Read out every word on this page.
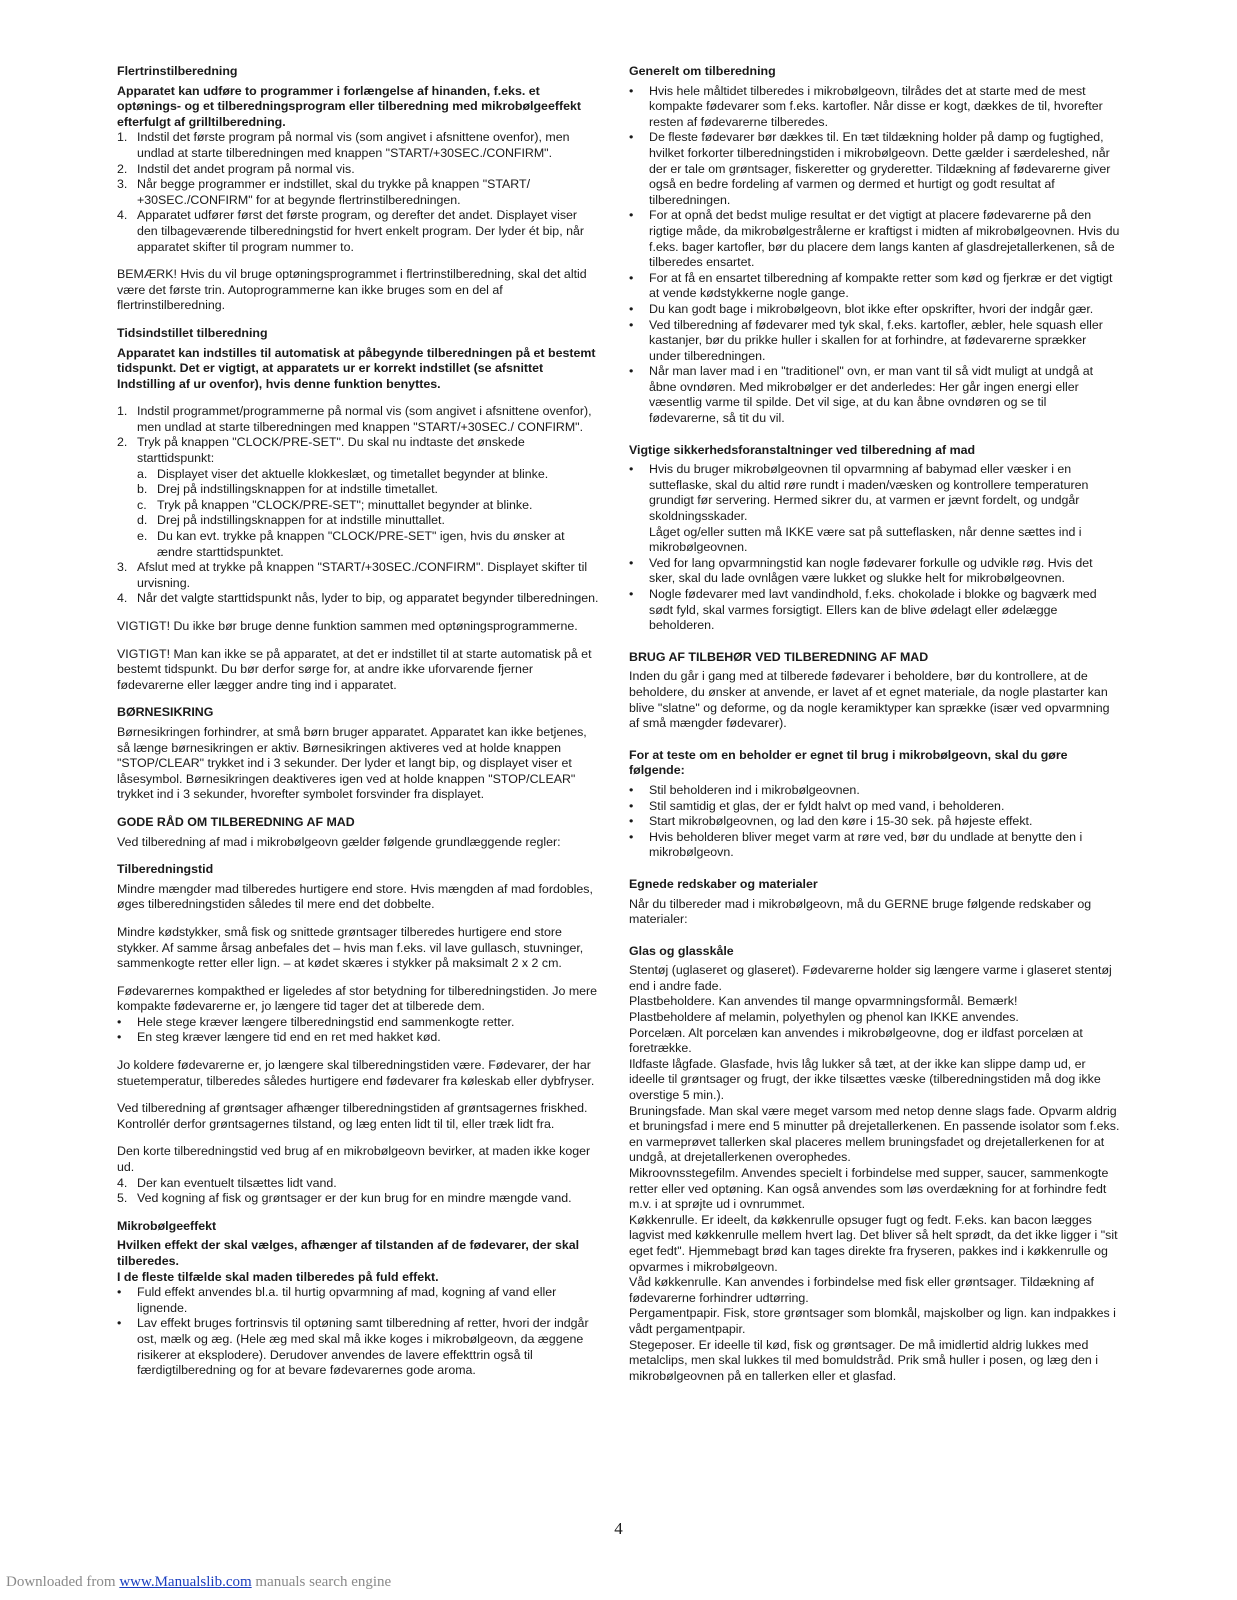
Flertrinstilberedning

Apparatet kan udføre to programmer i forlængelse af hinanden, f.eks. et optønings- og et tilberedningsprogram eller tilberedning med mikrobølgeeffekt efterfulgt af grilltilberedning.

1. Indstil det første program på normal vis (som angivet i afsnittene ovenfor), men undlad at starte tilberedningen med knappen "START/+30SEC./CONFIRM".
2. Indstil det andet program på normal vis.
3. Når begge programmer er indstillet, skal du trykke på knappen "START/ +30SEC./CONFIRM" for at begynde flertrinstilberedningen.
4. Apparatet udfører først det første program, og derefter det andet. Displayet viser den tilbageværende tilberedningstid for hvert enkelt program. Der lyder ét bip, når apparatet skifter til program nummer to.

BEMÆRK! Hvis du vil bruge optøningsprogrammet i flertrinstilberedning, skal det altid være det første trin. Autoprogrammerne kan ikke bruges som en del af flertrinstilberedning.

Tidsindstillet tilberedning

Apparatet kan indstilles til automatisk at påbegynde tilberedningen på et bestemt tidspunkt. Det er vigtigt, at apparatets ur er korrekt indstillet (se afsnittet Indstilling af ur ovenfor), hvis denne funktion benyttes.

1. Indstil programmet/programmerne på normal vis (som angivet i afsnittene ovenfor), men undlad at starte tilberedningen med knappen "START/+30SEC./ CONFIRM".
2. Tryk på knappen "CLOCK/PRE-SET". Du skal nu indtaste det ønskede starttidspunkt:
a. Displayet viser det aktuelle klokkeslæt, og timetallet begynder at blinke.
b. Drej på indstillingsknappen for at indstille timetallet.
c. Tryk på knappen "CLOCK/PRE-SET"; minuttallet begynder at blinke.
d. Drej på indstillingsknappen for at indstille minuttallet.
e. Du kan evt. trykke på knappen "CLOCK/PRE-SET" igen, hvis du ønsker at ændre starttidspunktet.
3. Afslut med at trykke på knappen "START/+30SEC./CONFIRM". Displayet skifter til urvisning.
4. Når det valgte starttidspunkt nås, lyder to bip, og apparatet begynder tilberedningen.

VIGTIGT! Du ikke bør bruge denne funktion sammen med optøningsprogrammerne.

VIGTIGT! Man kan ikke se på apparatet, at det er indstillet til at starte automatisk på et bestemt tidspunkt. Du bør derfor sørge for, at andre ikke uforvarende fjerner fødevarerne eller lægger andre ting ind i apparatet.

BØRNESIKRING

Børnesikringen forhindrer, at små børn bruger apparatet. Apparatet kan ikke betjenes, så længe børnesikringen er aktiv. Børnesikringen aktiveres ved at holde knappen "STOP/CLEAR" trykket ind i 3 sekunder. Der lyder et langt bip, og displayet viser et låsesymbol. Børnesikringen deaktiveres igen ved at holde knappen "STOP/CLEAR" trykket ind i 3 sekunder, hvorefter symbolet forsvinder fra displayet.

GODE RÅD OM TILBEREDNING AF MAD

Ved tilberedning af mad i mikrobølgeovn gælder følgende grundlæggende regler:

Tilberedningstid

Mindre mængder mad tilberedes hurtigere end store. Hvis mængden af mad fordobles, øges tilberedningstiden således til mere end det dobbelte.

Mindre kødstykker, små fisk og snittede grøntsager tilberedes hurtigere end store stykker. Af samme årsag anbefales det – hvis man f.eks. vil lave gullasch, stuvninger, sammenkogte retter eller lign. – at kødet skæres i stykker på maksimalt 2 x 2 cm.

Fødevarernes kompakthed er ligeledes af stor betydning for tilberedningstiden. Jo mere kompakte fødevarerne er, jo længere tid tager det at tilberede dem.

• Hele stege kræver længere tilberedningstid end sammenkogte retter.
• En steg kræver længere tid end en ret med hakket kød.

Jo koldere fødevarerne er, jo længere skal tilberedningstiden være. Fødevarer, der har stuetemperatur, tilberedes således hurtigere end fødevarer fra køleskab eller dybfryser.

Ved tilberedning af grøntsager afhænger tilberedningstiden af grøntsagernes friskhed. Kontrollér derfor grøntsagernes tilstand, og læg enten lidt til til, eller træk lidt fra.

Den korte tilberedningstid ved brug af en mikrobølgeovn bevirker, at maden ikke koger ud.

4. Der kan eventuelt tilsættes lidt vand.
5. Ved kogning af fisk og grøntsager er der kun brug for en mindre mængde vand.
Mikrobølgeeffekt
Hvilken effekt der skal vælges, afhænger af tilstanden af de fødevarer, der skal tilberedes.
I de fleste tilfælde skal maden tilberedes på fuld effekt.
• Fuld effekt anvendes bl.a. til hurtig opvarmning af mad, kogning af vand eller lignende.
• Lav effekt bruges fortrinsvis til optøning samt tilberedning af retter, hvori der indgår ost, mælk og æg. (Hele æg med skal må ikke koges i mikrobølgeovn, da æggene risikerer at eksplodere). Derudover anvendes de lavere effekttrin også til færdigtilberedning og for at bevare fødevarernes gode aroma.
Generelt om tilberedning
• Hvis hele måltidet tilberedes i mikrobølgeovn, tilrådes det at starte med de mest kompakte fødevarer som f.eks. kartofler. Når disse er kogt, dækkes de til, hvorefter resten af fødevarerne tilberedes.
• De fleste fødevarer bør dækkes til. En tæt tildækning holder på damp og fugtighed, hvilket forkorter tilberedningstiden i mikrobølgeovn. Dette gælder i særdeleshed, når der er tale om grøntsager, fiskeretter og gryderetter. Tildækning af fødevarerne giver også en bedre fordeling af varmen og dermed et hurtigt og godt resultat af tilberedningen.
• For at opnå det bedst mulige resultat er det vigtigt at placere fødevarerne på den rigtige måde, da mikrobølgestrålerne er kraftigst i midten af mikrobølgeovnen. Hvis du f.eks. bager kartofler, bør du placere dem langs kanten af glasdrejetallerkenen, så de tilberedes ensartet.
• For at få en ensartet tilberedning af kompakte retter som kød og fjerkræ er det vigtigt at vende kødstykkerne nogle gange.
• Du kan godt bage i mikrobølgeovn, blot ikke efter opskrifter, hvori der indgår gær.
• Ved tilberedning af fødevarer med tyk skal, f.eks. kartofler, æbler, hele squash eller kastanjer, bør du prikke huller i skallen for at forhindre, at fødevarerne sprækker under tilberedningen.
• Når man laver mad i en "traditionel" ovn, er man vant til så vidt muligt at undgå at åbne ovndøren. Med mikrobølger er det anderledes: Her går ingen energi eller væsentlig varme til spilde. Det vil sige, at du kan åbne ovndøren og se til fødevarerne, så tit du vil.
Vigtige sikkerhedsforanstaltninger ved tilberedning af mad
• Hvis du bruger mikrobølgeovnen til opvarmning af babymad eller væsker i en sutteflaske, skal du altid røre rundt i maden/væsken og kontrollere temperaturen grundigt før servering. Hermed sikrer du, at varmen er jævnt fordelt, og undgår skoldningsskader.
Låget og/eller sutten må IKKE være sat på sutteflasken, når denne sættes ind i mikrobølgeovnen.
• Ved for lang opvarmningstid kan nogle fødevarer forkulle og udvikle røg. Hvis det sker, skal du lade ovnlågen være lukket og slukke helt for mikrobølgeovnen.
• Nogle fødevarer med lavt vandindhold, f.eks. chokolade i blokke og bagværk med sødt fyld, skal varmes forsigtigt. Ellers kan de blive ødelagt eller ødelægge beholderen.
BRUG AF TILBEHØR VED TILBEREDNING AF MAD

Inden du går i gang med at tilberede fødevarer i beholdere, bør du kontrollere, at de beholdere, du ønsker at anvende, er lavet af et egnet materiale, da nogle plastarter kan blive "slatne" og deforme, og da nogle keramiktyper kan sprække (især ved opvarmning af små mængder fødevarer).

For at teste om en beholder er egnet til brug i mikrobølgeovn, skal du gøre følgende:
• Stil beholderen ind i mikrobølgeovnen.
• Stil samtidig et glas, der er fyldt halvt op med vand, i beholderen.
• Start mikrobølgeovnen, og lad den køre i 15-30 sek. på højeste effekt.
• Hvis beholderen bliver meget varm at røre ved, bør du undlade at benytte den i mikrobølgeovn.
Egnede redskaber og materialer

Når du tilbereder mad i mikrobølgeovn, må du GERNE bruge følgende redskaber og materialer:

Glas og glasskåle
Stentøj (uglaseret og glaseret). Fødevarerne holder sig længere varme i glaseret stentøj end i andre fade.
Plastbeholdere. Kan anvendes til mange opvarmningsformål. Bemærk!
Plastbeholdere af melamin, polyethylen og phenol kan IKKE anvendes.
Porcelæn. Alt porcelæn kan anvendes i mikrobølgeovne, dog er ildfast porcelæn at foretrække.
Ildfaste lågfade. Glasfade, hvis låg lukker så tæt, at der ikke kan slippe damp ud, er ideelle til grøntsager og frugt, der ikke tilsættes væske (tilberedningstiden må dog ikke overstige 5 min.).
Bruningsfade. Man skal være meget varsom med netop denne slags fade. Opvarm aldrig et bruningsfad i mere end 5 minutter på drejetallerkenen. En passende isolator som f.eks. en varmeprøvet tallerken skal placeres mellem bruningsfadet og drejetallerkenen for at undgå, at drejetallerkenen overophedes.
Mikroovnsstegefilm. Anvendes specielt i forbindelse med supper, saucer, sammenkogte retter eller ved optøning. Kan også anvendes som løs overdækning for at forhindre fedt m.v. i at sprøjte ud i ovnrummet.
Køkkenrulle. Er ideelt, da køkkenrulle opsuger fugt og fedt. F.eks. kan bacon lægges lagvist med køkkenrulle mellem hvert lag. Det bliver så helt sprødt, da det ikke ligger i "sit eget fedt". Hjemmebagt brød kan tages direkte fra fryseren, pakkes ind i køkkenrulle og opvarmes i mikrobølgeovn.
Våd køkkenrulle. Kan anvendes i forbindelse med fisk eller grøntsager. Tildækning af fødevarerne forhindrer udtørring.
Pergamentpapir. Fisk, store grøntsager som blomkål, majskolber og lign. kan indpakkes i vådt pergamentpapir.
Stegeposer. Er ideelle til kød, fisk og grøntsager. De må imidlertid aldrig lukkes med metalclips, men skal lukkes til med bomuldstråd. Prik små huller i posen, og læg den i mikrobølgeovnen på en tallerken eller et glasfad.
4
Downloaded from www.Manualslib.com manuals search engine
